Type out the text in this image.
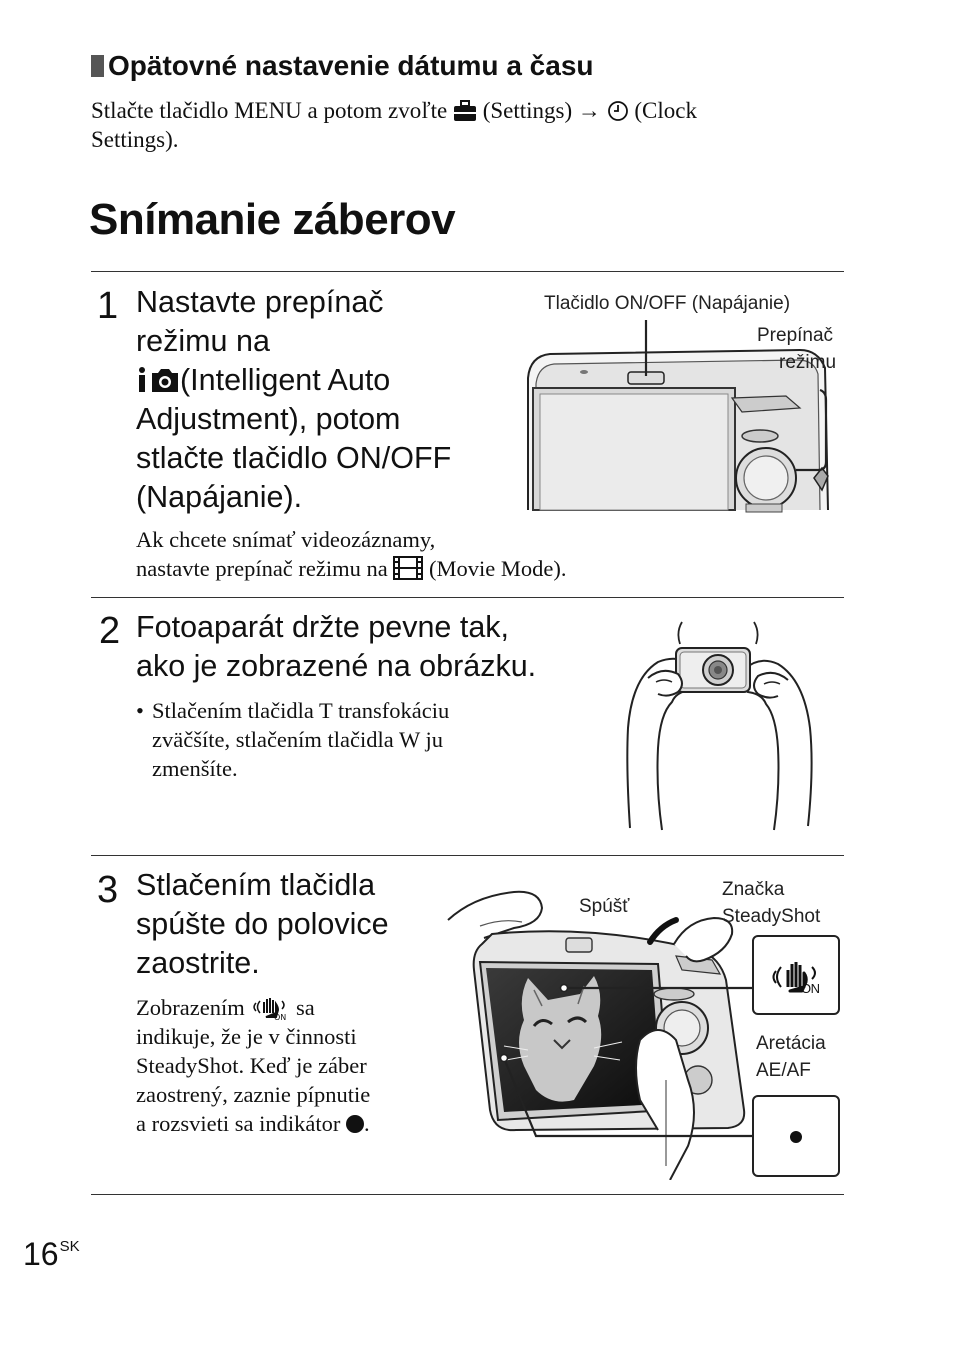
Opätovné nastavenie dátumu a času
Stlačte tlačidlo MENU a potom zvoľte (Settings) → (Clock
Settings).
Snímanie záberov
1 Nastavte prepínač
režimu na
(Intelligent Auto
Adjustment), potom
stlačte tlačidlo ON/OFF
(Napájanie).
Tlačidlo ON/OFF (Napájanie)
Prepínač
režimu
Ak chcete snímať videozáznamy,
nastavte prepínač režimu na (Movie Mode).
2 Fotoaparát držte pevne tak,
ako je zobrazené na obrázku.
• Stlačením tlačidla T transfokáciu
zväčšíte, stlačením tlačidla W ju
zmenšíte.
3 Stlačením tlačidla
spúšte do polovice
zaostrite.
Zobrazením	ON sa
indikuje, že je v činnosti
SteadyShot. Keď je záber
zaostrený, zaznie pípnutie
a rozsvieti sa indikátor .
Spúšť
Značka
SteadyShot
Aretácia
AE/AF
ON
$16^{SK}$
